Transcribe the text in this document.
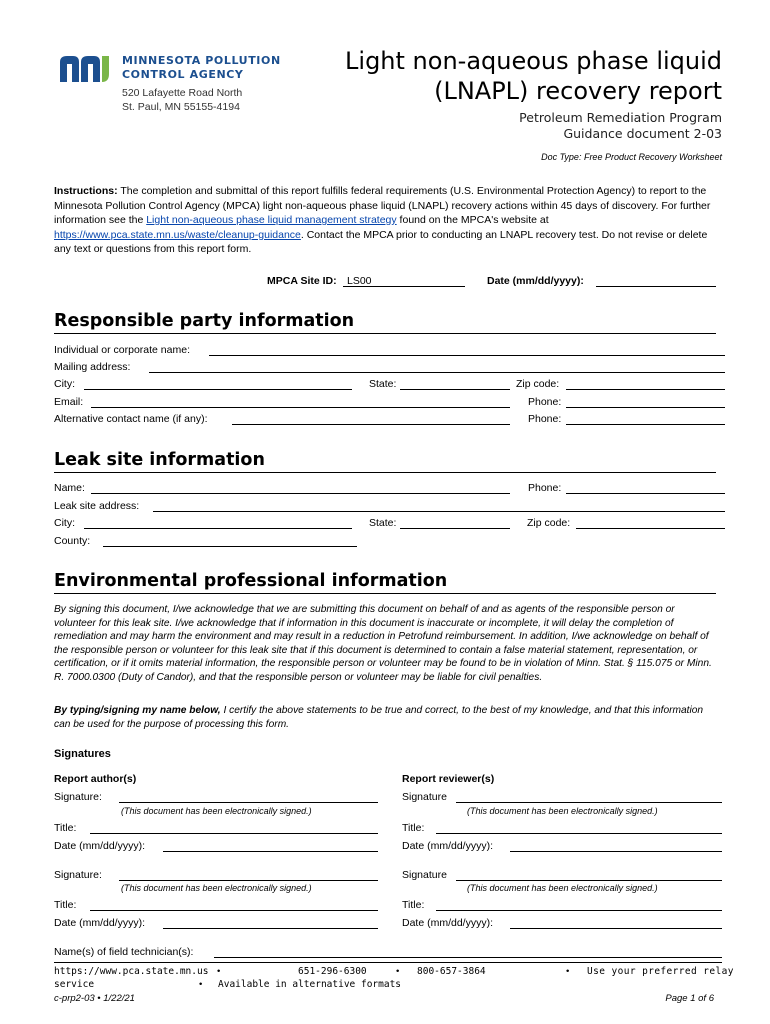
MINNESOTA POLLUTION
CONTROL AGENCY
520 Lafayette Road North
St. Paul, MN 55155-4194
Light non-aqueous phase liquid
(LNAPL) recovery report
Petroleum Remediation Program
Guidance document 2-03
Doc Type: Free Product Recovery Worksheet
Instructions: The completion and submittal of this report fulfills federal requirements (U.S. Environmental Protection Agency) to report to the Minnesota Pollution Control Agency (MPCA) light non-aqueous phase liquid (LNAPL) recovery actions within 45 days of discovery. For further information see the Light non-aqueous phase liquid management strategy found on the MPCA's website at https://www.pca.state.mn.us/waste/cleanup-guidance. Contact the MPCA prior to conducting an LNAPL recovery test. Do not revise or delete any text or questions from this report form.
MPCA Site ID: LS00	Date (mm/dd/yyyy):
Responsible party information
Individual or corporate name:
Mailing address:
City:	State:	Zip code:
Email:	Phone:
Alternative contact name (if any):	Phone:
Leak site information
Name:	Phone:
Leak site address:
City:	State:	Zip code:
County:
Environmental professional information
By signing this document, I/we acknowledge that we are submitting this document on behalf of and as agents of the responsible person or volunteer for this leak site. I/we acknowledge that if information in this document is inaccurate or incomplete, it will delay the completion of remediation and may harm the environment and may result in a reduction in Petrofund reimbursement. In addition, I/we acknowledge on behalf of the responsible person or volunteer for this leak site that if this document is determined to contain a false material statement, representation, or certification, or if it omits material information, the responsible person or volunteer may be found to be in violation of Minn. Stat. § 115.075 or Minn. R. 7000.0300 (Duty of Candor), and that the responsible person or volunteer may be liable for civil penalties.
By typing/signing my name below, I certify the above statements to be true and correct, to the best of my knowledge, and that this information can be used for the purpose of processing this form.
Signatures
Report author(s)	Report reviewer(s)
Signature:
(This document has been electronically signed.)
Title:
Date (mm/dd/yyyy):
Signature
(This document has been electronically signed.)
Title:
Date (mm/dd/yyyy):
Signature:
(This document has been electronically signed.)
Title:
Date (mm/dd/yyyy):
Signature
(This document has been electronically signed.)
Title:
Date (mm/dd/yyyy):
Name(s) of field technician(s):
https://www.pca.state.mn.us •	651-296-6300	• 800-657-3864	• Use your preferred relay
service	• Available in alternative formats
c-prp2-03 • 1/22/21	Page 1 of 6
